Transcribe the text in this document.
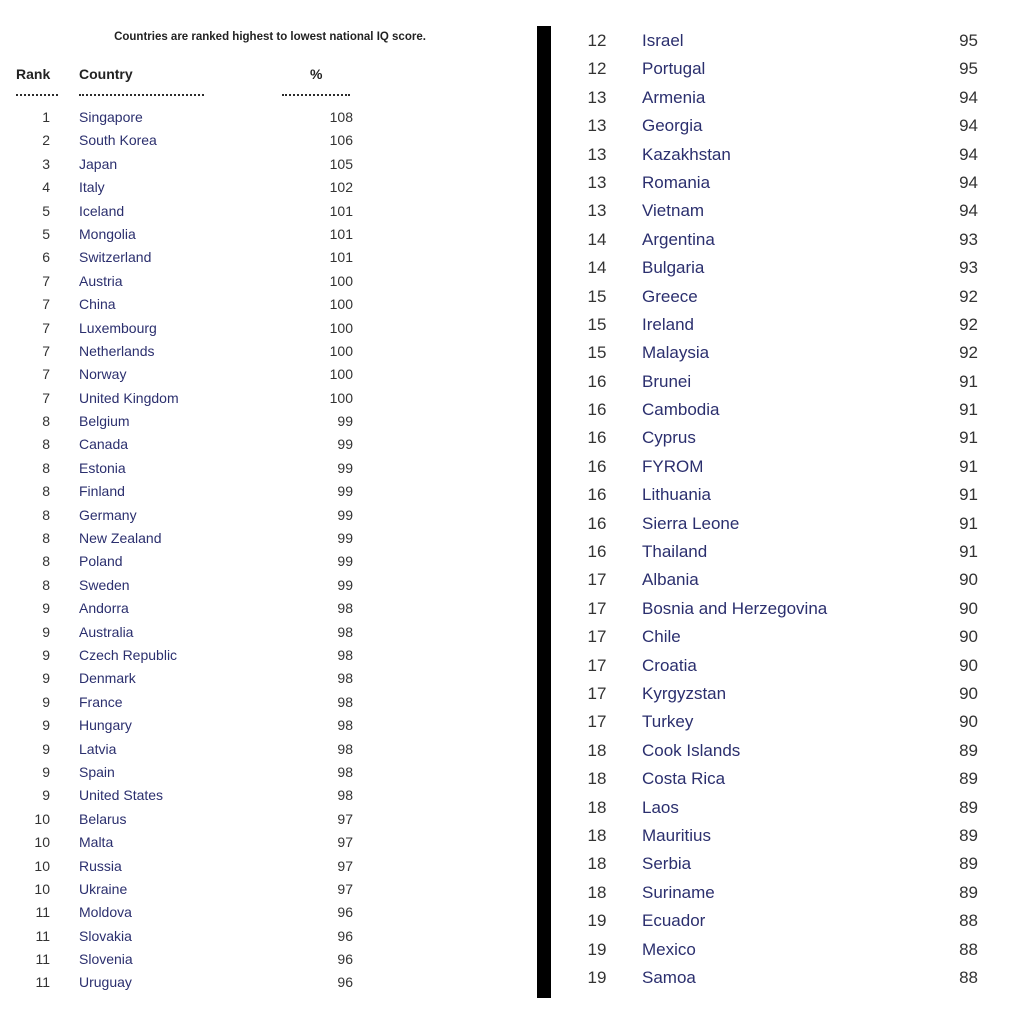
Countries are ranked highest to lowest national IQ score.
Rank Country	%
1 Singapore	108
2 South Korea	106
3 Japan	105
4 Italy	102
5 Iceland	101
5 Mongolia	101
6 Switzerland	101
7 Austria	100
7 China	100
7 Luxembourg	100
7 Netherlands	100
7 Norway	100
7 United Kingdom	100
8 Belgium	99
8 Canada	99
8 Estonia	99
8 Finland	99
8 Germany	99
8 New Zealand	99
8 Poland	99
8 Sweden	99
9 Andorra	98
9 Australia	98
9 Czech Republic	98
9 Denmark	98
9 France	98
9 Hungary	98
9 Latvia	98
9 Spain	98
9 United States	98
10 Belarus	97
10 Malta	97
10 Russia	97
10 Ukraine	97
11 Moldova	96
11 Slovakia	96
11 Slovenia	96
11 Uruguay	96
12	Israel	95
12	Portugal	95
13	Armenia	94
13	Georgia	94
13	Kazakhstan	94
13	Romania	94
13	Vietnam	94
14	Argentina	93
14	Bulgaria	93
15	Greece	92
15	Ireland	92
15	Malaysia	92
16	Brunei	91
16	Cambodia	91
16	Cyprus	91
16	FYROM	91
16	Lithuania	91
16	Sierra Leone	91
16	Thailand	91
17	Albania	90
17	Bosnia and Herzegovina	90
17	Chile	90
17	Croatia	90
17	Kyrgyzstan	90
17	Turkey	90
18	Cook Islands	89
18	Costa Rica	89
18	Laos	89
18	Mauritius	89
18	Serbia	89
18	Suriname	89
19	Ecuador	88
19	Mexico	88
19	Samoa	88
